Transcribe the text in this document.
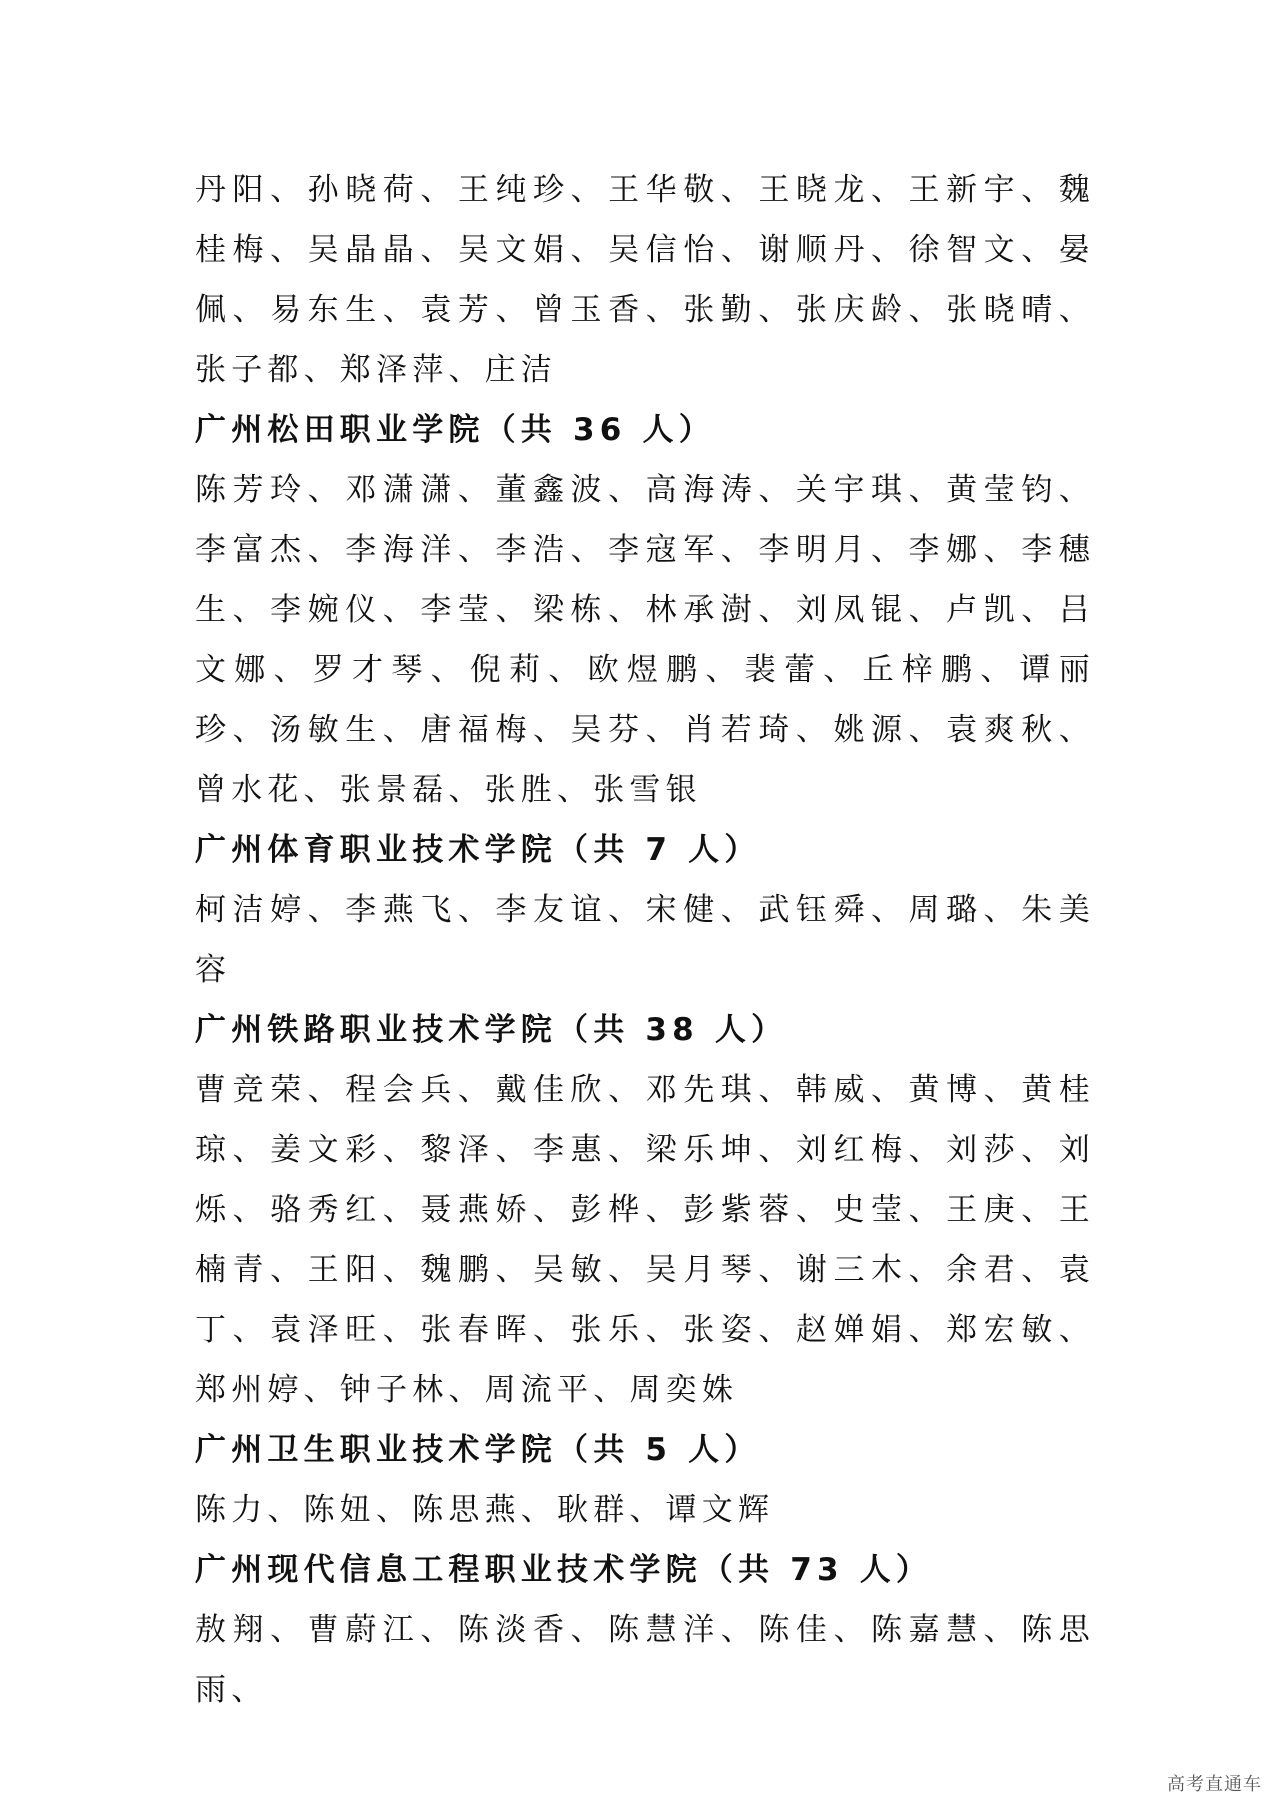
丹阳、孙晓荷、王纯珍、王华敬、王晓龙、王新宇、魏桂梅、吴晶晶、吴文娟、吴信怡、谢顺丹、徐智文、晏佩、易东生、袁芳、曾玉香、张勤、张庆龄、张晓晴、张子都、郑泽萍、庄洁

广州松田职业学院（共 36 人）

陈芳玲、邓潇潇、董鑫波、高海涛、关宇琪、黄莹钧、李富杰、李海洋、李浩、李寇军、李明月、李娜、李穗生、李婉仪、李莹、梁栋、林承澍、刘凤锟、卢凯、吕文娜、罗才琴、倪莉、欧煜鹏、裴蕾、丘梓鹏、谭丽珍、汤敏生、唐福梅、吴芬、肖若琦、姚源、袁爽秋、曾水花、张景磊、张胜、张雪银

广州体育职业技术学院（共 7 人）

柯洁婷、李燕飞、李友谊、宋健、武钰舜、周璐、朱美容

广州铁路职业技术学院（共 38 人）

曹竞荣、程会兵、戴佳欣、邓先琪、韩威、黄博、黄桂琼、姜文彩、黎泽、李惠、梁乐坤、刘红梅、刘莎、刘烁、骆秀红、聂燕娇、彭桦、彭紫蓉、史莹、王庚、王楠青、王阳、魏鹏、吴敏、吴月琴、谢三木、余君、袁丁、袁泽旺、张春晖、张乐、张姿、赵婵娟、郑宏敏、郑州婷、钟子林、周流平、周奕姝

广州卫生职业技术学院（共 5 人）

陈力、陈妞、陈思燕、耿群、谭文辉

广州现代信息工程职业技术学院（共 73 人）

敖翔、曹蔚江、陈淡香、陈慧洋、陈佳、陈嘉慧、陈思雨、

高考直通车
